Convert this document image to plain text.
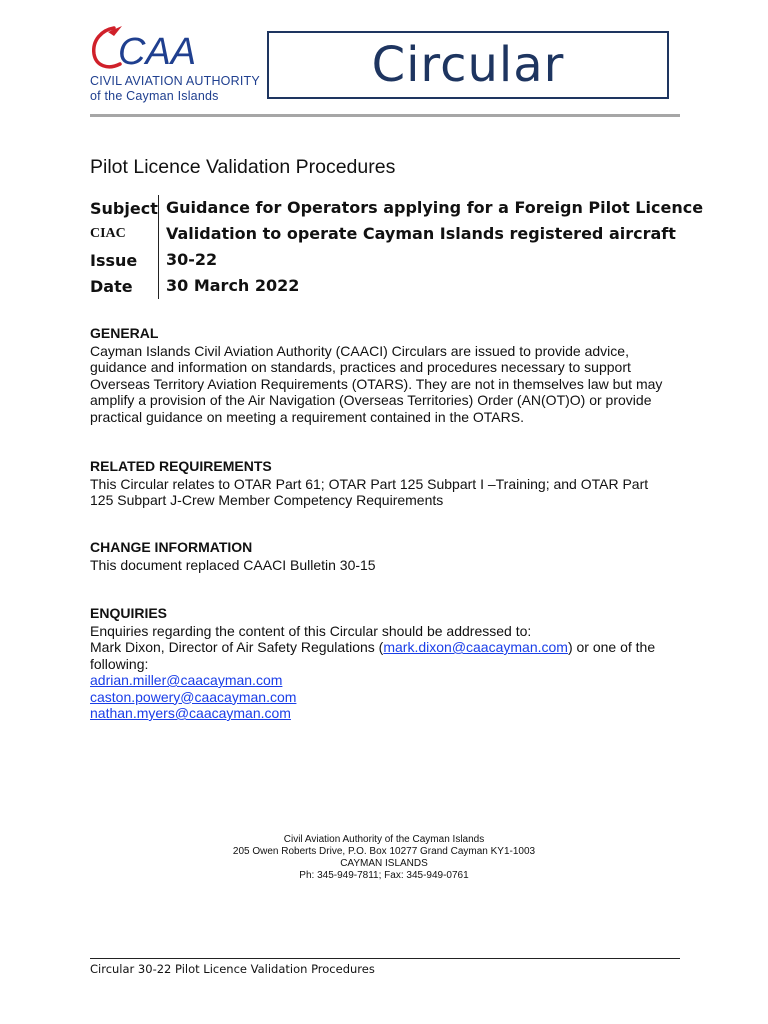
CAA
CIVIL AVIATION AUTHORITY
of the Cayman Islands
Circular
Pilot Licence Validation Procedures
Subject Guidance for Operators applying for a Foreign Pilot Licence
CIAC	Validation to operate Cayman Islands registered aircraft
Issue	30-22
Date	30 March 2022
GENERAL

Cayman Islands Civil Aviation Authority (CAACI) Circulars are issued to provide advice,

guidance and information on standards, practices and procedures necessary to support

Overseas Territory Aviation Requirements (OTARS). They are not in themselves law but may

amplify a provision of the Air Navigation (Overseas Territories) Order (AN(OT)O) or provide

practical guidance on meeting a requirement contained in the OTARS.

RELATED REQUIREMENTS

This Circular relates to OTAR Part 61; OTAR Part 125 Subpart I –Training; and OTAR Part

125 Subpart J-Crew Member Competency Requirements

CHANGE INFORMATION

This document replaced CAACI Bulletin 30-15

ENQUIRIES

Enquiries regarding the content of this Circular should be addressed to:

Mark Dixon, Director of Air Safety Regulations (mark.dixon@caacayman.com) or one of the

following:

adrian.miller@caacayman.com

caston.powery@caacayman.com

nathan.myers@caacayman.com

Civil Aviation Authority of the Cayman Islands
205 Owen Roberts Drive, P.O. Box 10277 Grand Cayman KY1-1003
CAYMAN ISLANDS
Ph: 345-949-7811; Fax: 345-949-0761
Circular 30-22 Pilot Licence Validation Procedures
